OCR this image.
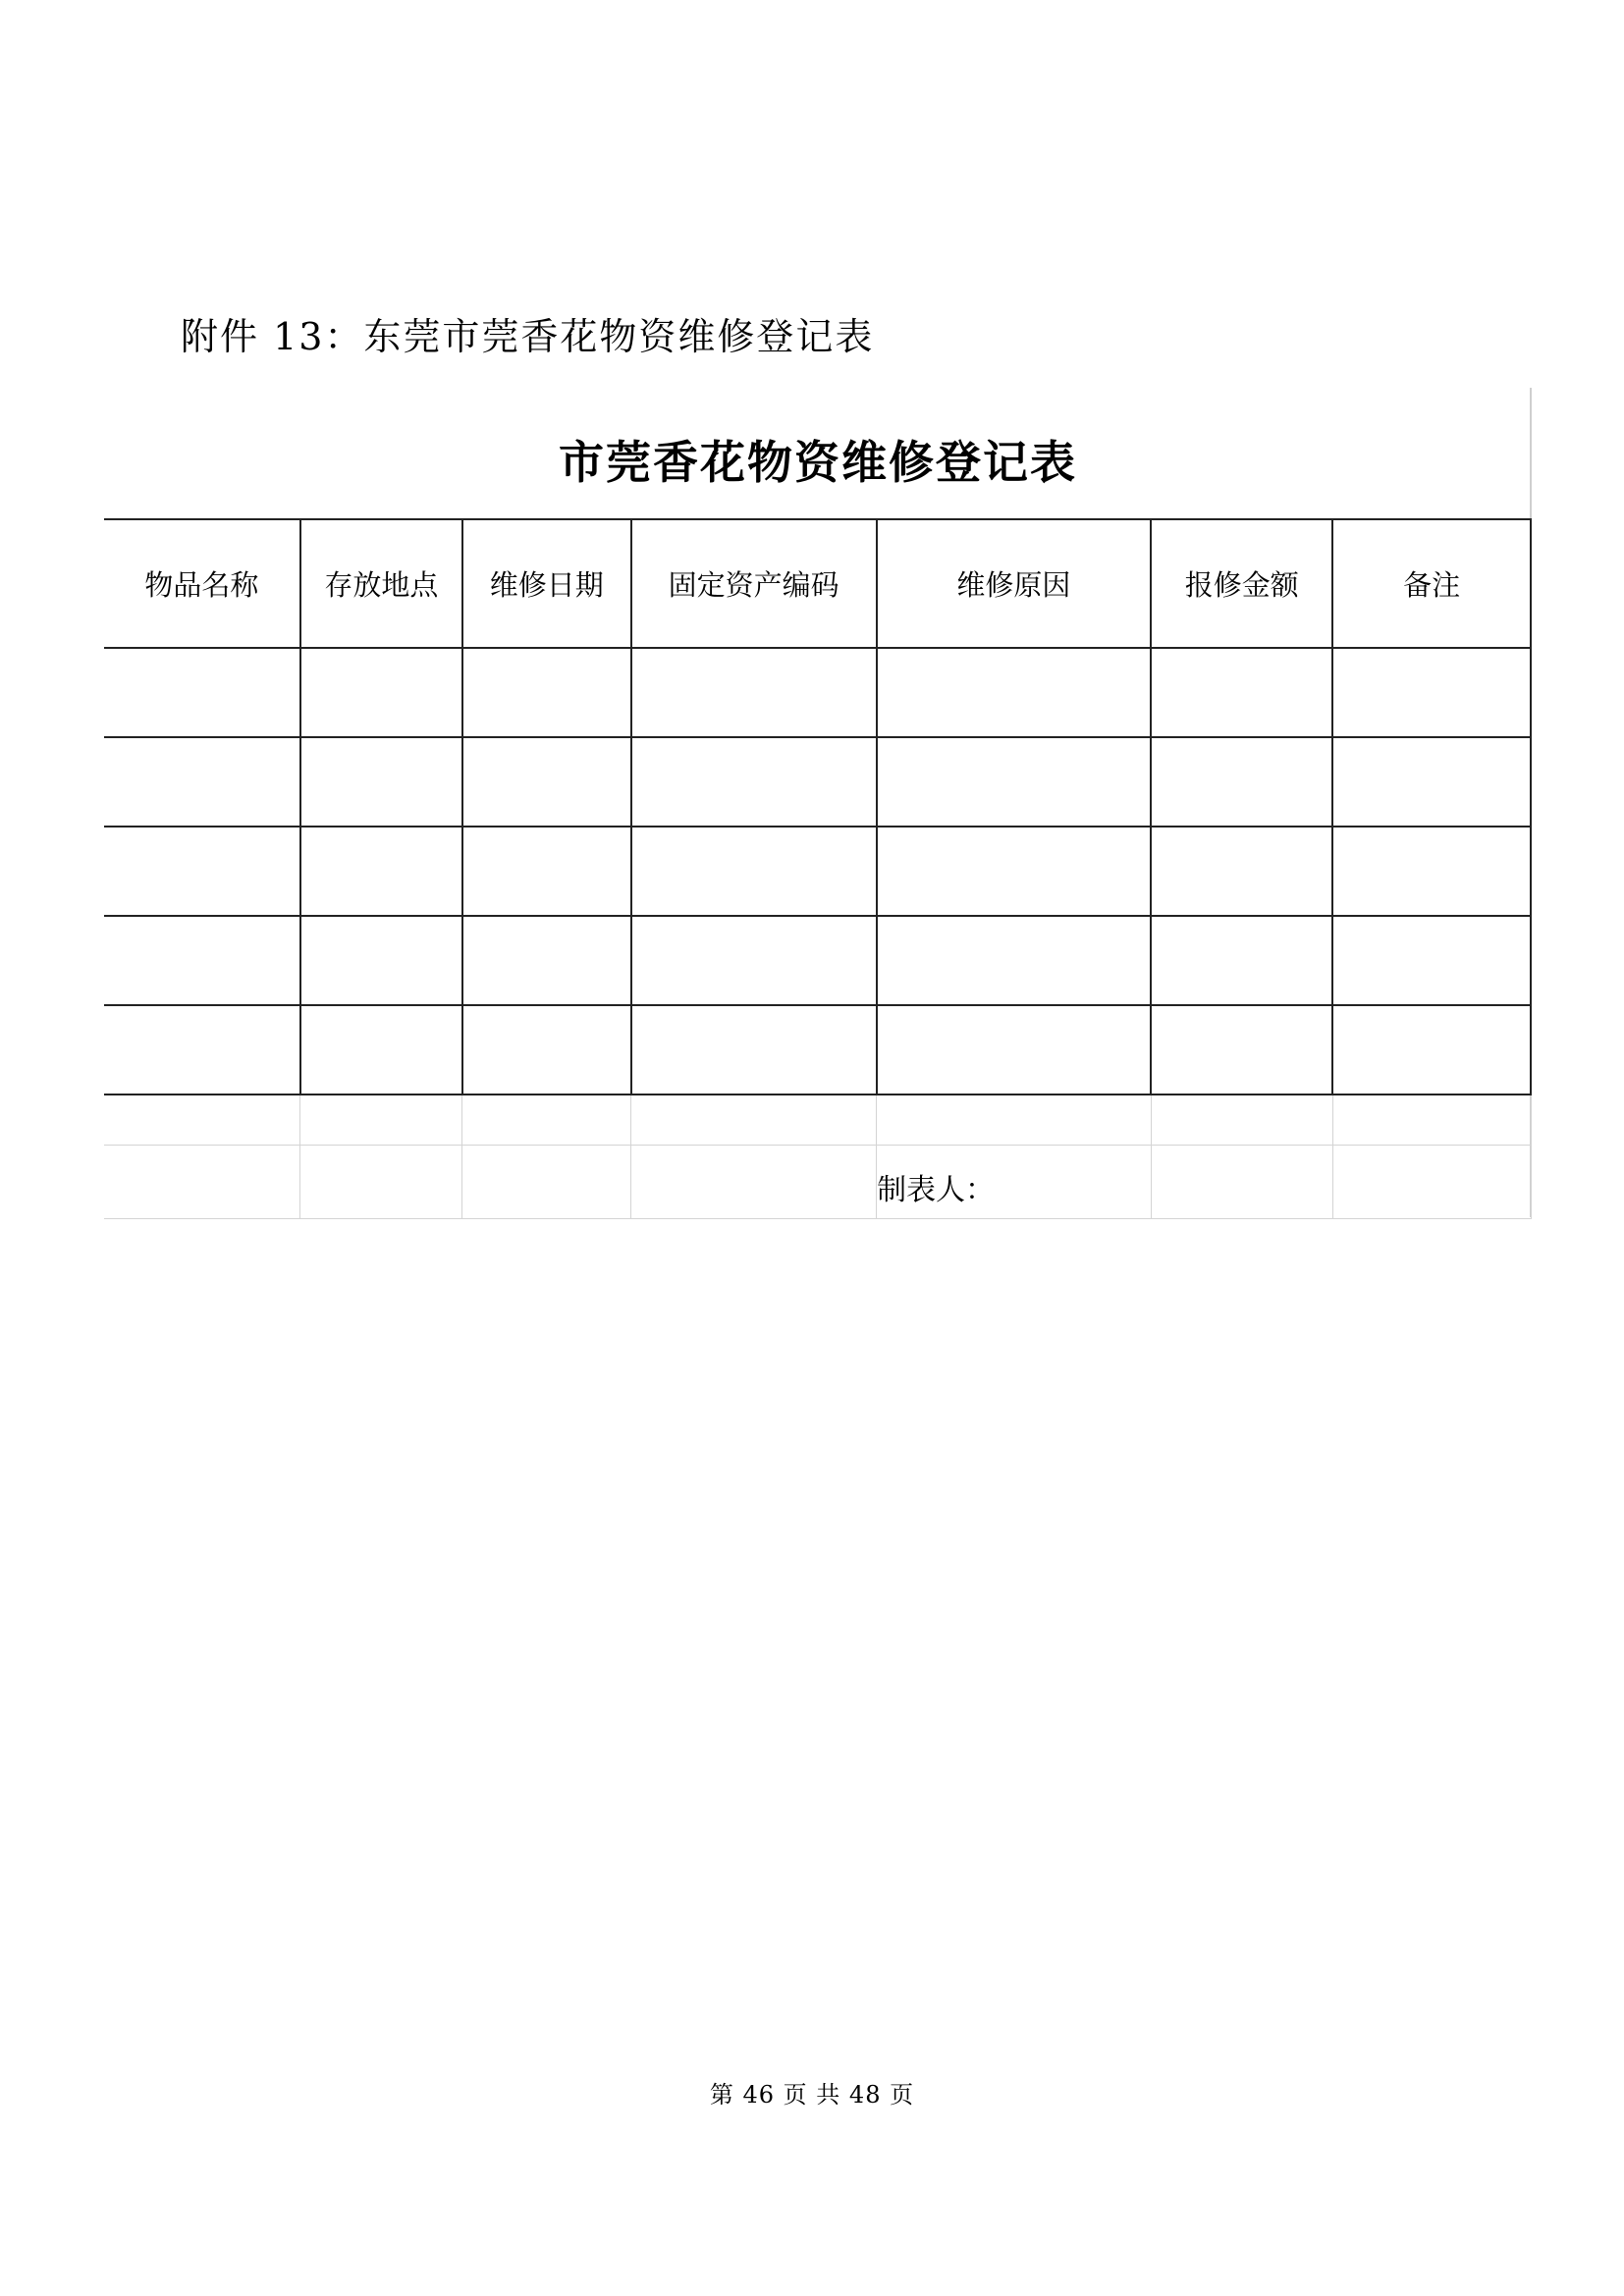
附件 13：东莞市莞香花物资维修登记表
市莞香花物资维修登记表
物品名称	存放地点	维修日期	固定资产编码	维修原因	报修金额	备注

				制表人：		
第 46 页 共 48 页
